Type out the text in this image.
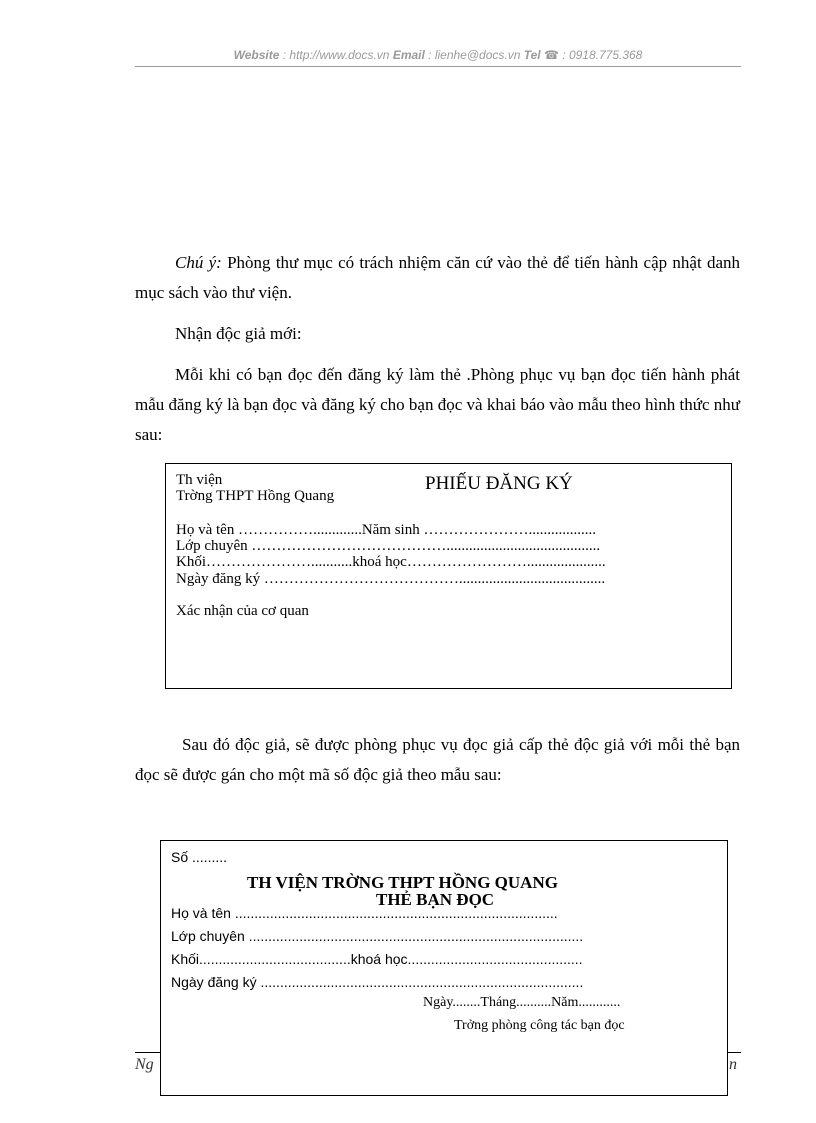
Website : http://www.docs.vn Email : lienhe@docs.vn Tel ☎ : 0918.775.368

Chú ý: Phòng thư mục có trách nhiệm căn cứ vào thẻ để tiến hành cập nhật danh mục sách vào thư viện.

Nhận độc giả mới:

Mỗi khi có bạn đọc đến đăng ký làm thẻ .Phòng phục vụ bạn đọc tiến hành phát mẫu đăng ký là bạn đọc và đăng ký cho bạn đọc và khai báo vào mẫu theo hình thức như sau:

Th viện
Trờng THPT Hồng Quang
PHIẾU ĐĂNG KÝ
Họ và tên …………….............Năm sinh …………………..................
Lớp chuyên ………………………………….........................................
Khối…………………...........khoá học…………………….....................
Ngày đăng ký ………………………………….......................................
Xác nhận của cơ quan

Sau đó độc giả, sẽ được phòng phục vụ đọc giả cấp thẻ độc giả với mỗi thẻ bạn đọc sẽ được gán cho một mã số độc giả theo mẫu sau:

Ng	n
Số .........
TH VIỆN TRỜNG THPT HỒNG QUANG
THẺ BẠN ĐỌC
Họ và tên ...................................................................................
Lớp chuyên ......................................................................................
Khối.......................................khoá học.............................................
Ngày đăng ký ...................................................................................
Ngày........Tháng..........Năm............
Trởng phòng công tác bạn đọc
